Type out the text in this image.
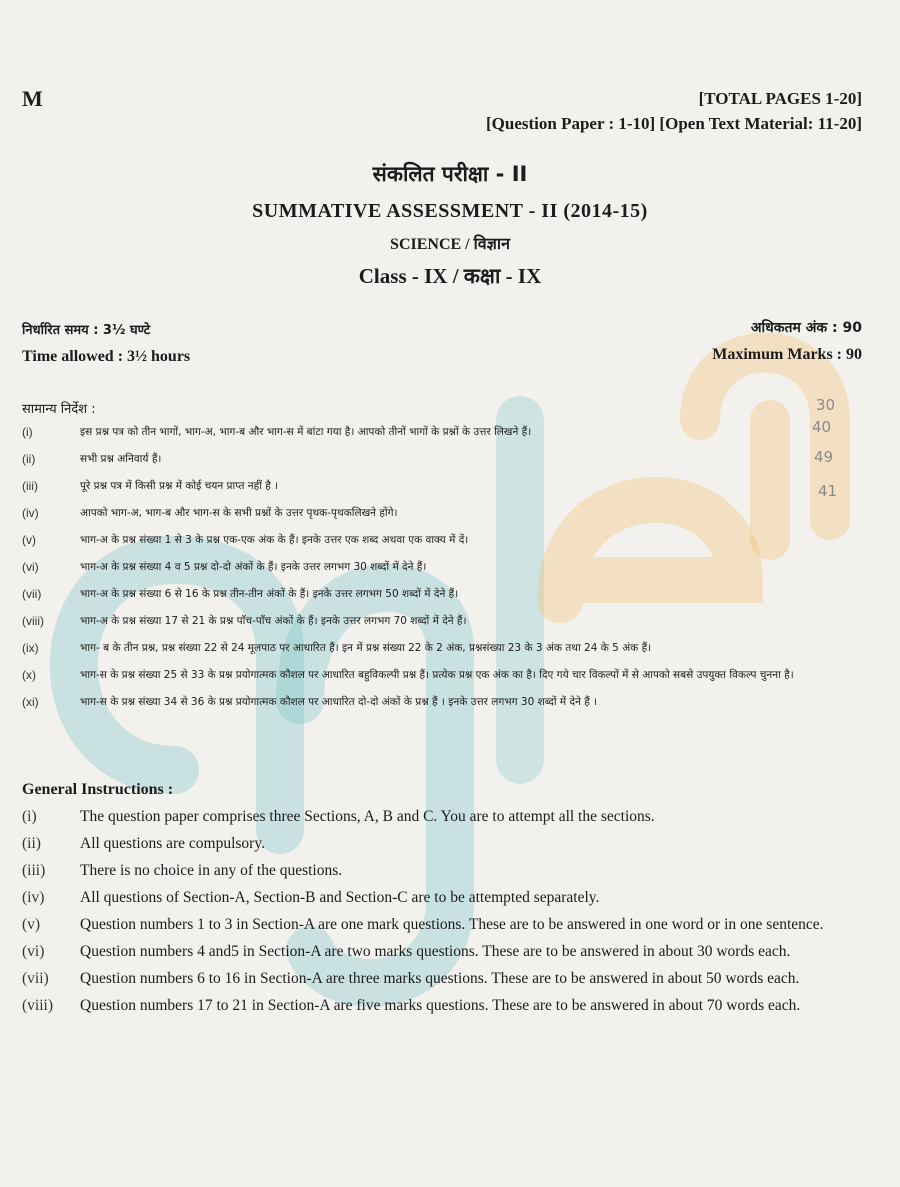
M	[TOTAL PAGES 1-20]
[Question Paper : 1-10] [Open Text Material: 11-20]
संकलित परीक्षा - II
SUMMATIVE ASSESSMENT - II (2014-15)
SCIENCE / विज्ञान
Class - IX / कक्षा - IX
निर्धारित समय : 3½ घण्टे	अधिकतम अंक : 90
Time allowed : 3½ hours	Maximum Marks : 90
30
40
49
41
सामान्य निर्देश :
(i)	इस प्रश्न पत्र को तीन भागों, भाग-अ, भाग-ब और भाग-स में बांटा गया है। आपको तीनों भागों के प्रश्नों के उत्तर लिखने हैं।
(ii)	सभी प्रश्न अनिवार्य हैं।
(iii)	पूरे प्रश्न पत्र में किसी प्रश्न में कोई चयन प्राप्त नहीं है ।
(iv)	आपको भाग-अ, भाग-ब और भाग-स के सभी प्रश्नों के उत्तर पृथक-पृथकलिखने होंगे।
(v)	भाग-अ के प्रश्न संख्या 1 से 3 के प्रश्न एक-एक अंक के हैं। इनके उत्तर एक शब्द अथवा एक वाक्य में दें।
(vi)	भाग-अ के प्रश्न संख्या 4 व 5 प्रश्न दो-दो अंकों के हैं। इनके उत्तर लगभग 30 शब्दों में देने हैं।
(vii)	भाग-अ के प्रश्न संख्या 6 से 16 के प्रश्न तीन-तीन अंकों के हैं। इनके उत्तर लगभग 50 शब्दों में देने हैं।
(viii)	भाग-अ के प्रश्न संख्या 17 से 21 के प्रश्न पाँच-पाँच अंकों के हैं। इनके उत्तर लगभग 70 शब्दों में देने हैं।
(ix)	भाग- ब के तीन प्रश्न, प्रश्न संख्या 22 से 24 मूलपाठ पर आधारित हैं। इन में प्रश्न संख्या 22 के 2 अंक, प्रश्नसंख्या 23 के 3 अंक तथा 24 के 5 अंक हैं।
(x)	भाग-स के प्रश्न संख्या 25 से 33 के प्रश्न प्रयोगात्मक कौशल पर आधारित बहुविकल्पी प्रश्न हैं। प्रत्येक प्रश्न एक अंक का है। दिए गये चार विकल्पों में से आपको सबसे उपयुक्त विकल्प चुनना है।
(xi)	भाग-स के प्रश्न संख्या 34 से 36 के प्रश्न प्रयोगात्मक कौशल पर आधारित दो-दो अंकों के प्रश्न हैं । इनके उत्तर लगभग 30 शब्दों में देने हैं ।
General Instructions :
(i)	The question paper comprises three Sections, A, B and C. You are to attempt all the sections.
(ii)	All questions are compulsory.
(iii)	There is no choice in any of the questions.
(iv)	All questions of Section-A, Section-B and Section-C are to be attempted separately.
(v)	Question numbers 1 to 3 in Section-A are one mark questions. These are to be answered in one word or in one sentence.
(vi)	Question numbers 4 and5 in Section-A are two marks questions. These are to be answered in about 30 words each.
(vii)	Question numbers 6 to 16 in Section-A are three marks questions. These are to be answered in about 50 words each.
(viii)	Question numbers 17 to 21 in Section-A are five marks questions. These are to be answered in about 70 words each.
